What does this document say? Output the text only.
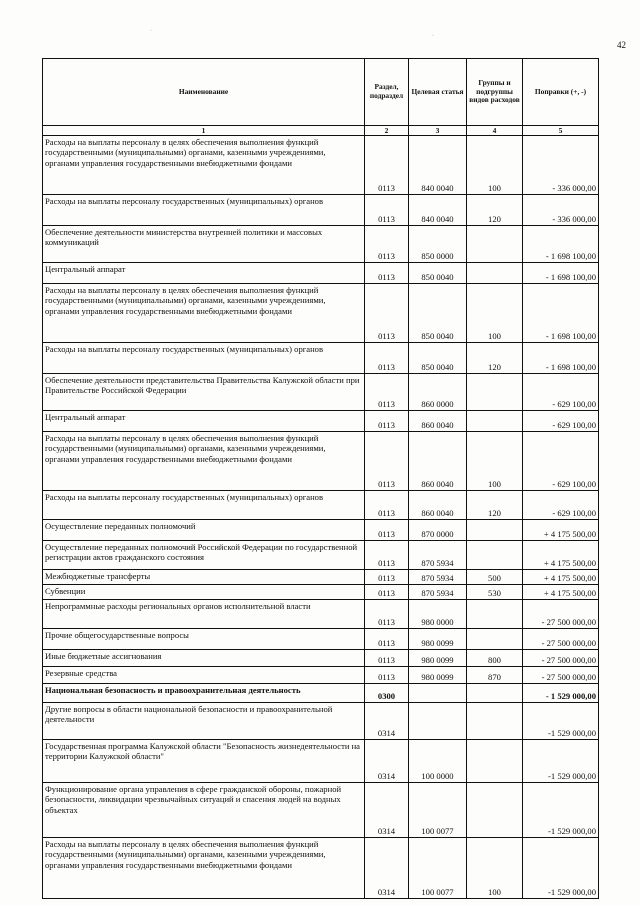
42
·
·
Наименование	Раздел, подраздел	Целевая статья	Группы и подгруппы видов расходов	Поправки (+, -)
1	2	3	4	5
Расходы на выплаты персоналу в целях обеспечения выполнения функций государственными (муниципальными) органами, казенными учреждениями, органами управления государственными внебюджетными фондами	0113	840 0040	100	- 336 000,00
Расходы на выплаты персоналу государственных (муниципальных) органов	0113	840 0040	120	- 336 000,00
Обеспечение деятельности министерства внутренней политики и массовых коммуникаций	0113	850 0000		- 1 698 100,00
Центральный аппарат	0113	850 0040		- 1 698 100,00
Расходы на выплаты персоналу в целях обеспечения выполнения функций государственными (муниципальными) органами, казенными учреждениями, органами управления государственными внебюджетными фондами	0113	850 0040	100	- 1 698 100,00
Расходы на выплаты персоналу государственных (муниципальных) органов	0113	850 0040	120	- 1 698 100,00
Обеспечение деятельности представительства Правительства Калужской области при Правительстве Российской Федерации	0113	860 0000		- 629 100,00
Центральный аппарат	0113	860 0040		- 629 100,00
Расходы на выплаты персоналу в целях обеспечения выполнения функций государственными (муниципальными) органами, казенными учреждениями, органами управления государственными внебюджетными фондами	0113	860 0040	100	- 629 100,00
Расходы на выплаты персоналу государственных (муниципальных) органов	0113	860 0040	120	- 629 100,00
Осуществление переданных полномочий	0113	870 0000		+ 4 175 500,00
Осуществление переданных полномочий Российской Федерации по государственной регистрации актов гражданского состояния	0113	870 5934		+ 4 175 500,00
Межбюджетные трансферты	0113	870 5934	500	+ 4 175 500,00
Субвенции	0113	870 5934	530	+ 4 175 500,00
Непрограммные расходы региональных органов исполнительной власти	0113	980 0000		- 27 500 000,00
Прочие общегосударственные вопросы	0113	980 0099		- 27 500 000,00
Иные бюджетные ассигнования	0113	980 0099	800	- 27 500 000,00
Резервные средства	0113	980 0099	870	- 27 500 000,00
Национальная безопасность и правоохранительная деятельность	0300			- 1 529 000,00
Другие вопросы в области национальной безопасности и правоохранительной деятельности	0314			-1 529 000,00
Государственная программа Калужской области "Безопасность жизнедеятельности на территории Калужской области"	0314	100 0000		-1 529 000,00
Функционирование органа управления в сфере гражданской обороны, пожарной безопасности, ликвидации чрезвычайных ситуаций и спасения людей на водных объектах	0314	100 0077		-1 529 000,00
Расходы на выплаты персоналу в целях обеспечения выполнения функций государственными (муниципальными) органами, казенными учреждениями, органами управления государственными внебюджетными фондами	0314	100 0077	100	-1 529 000,00
